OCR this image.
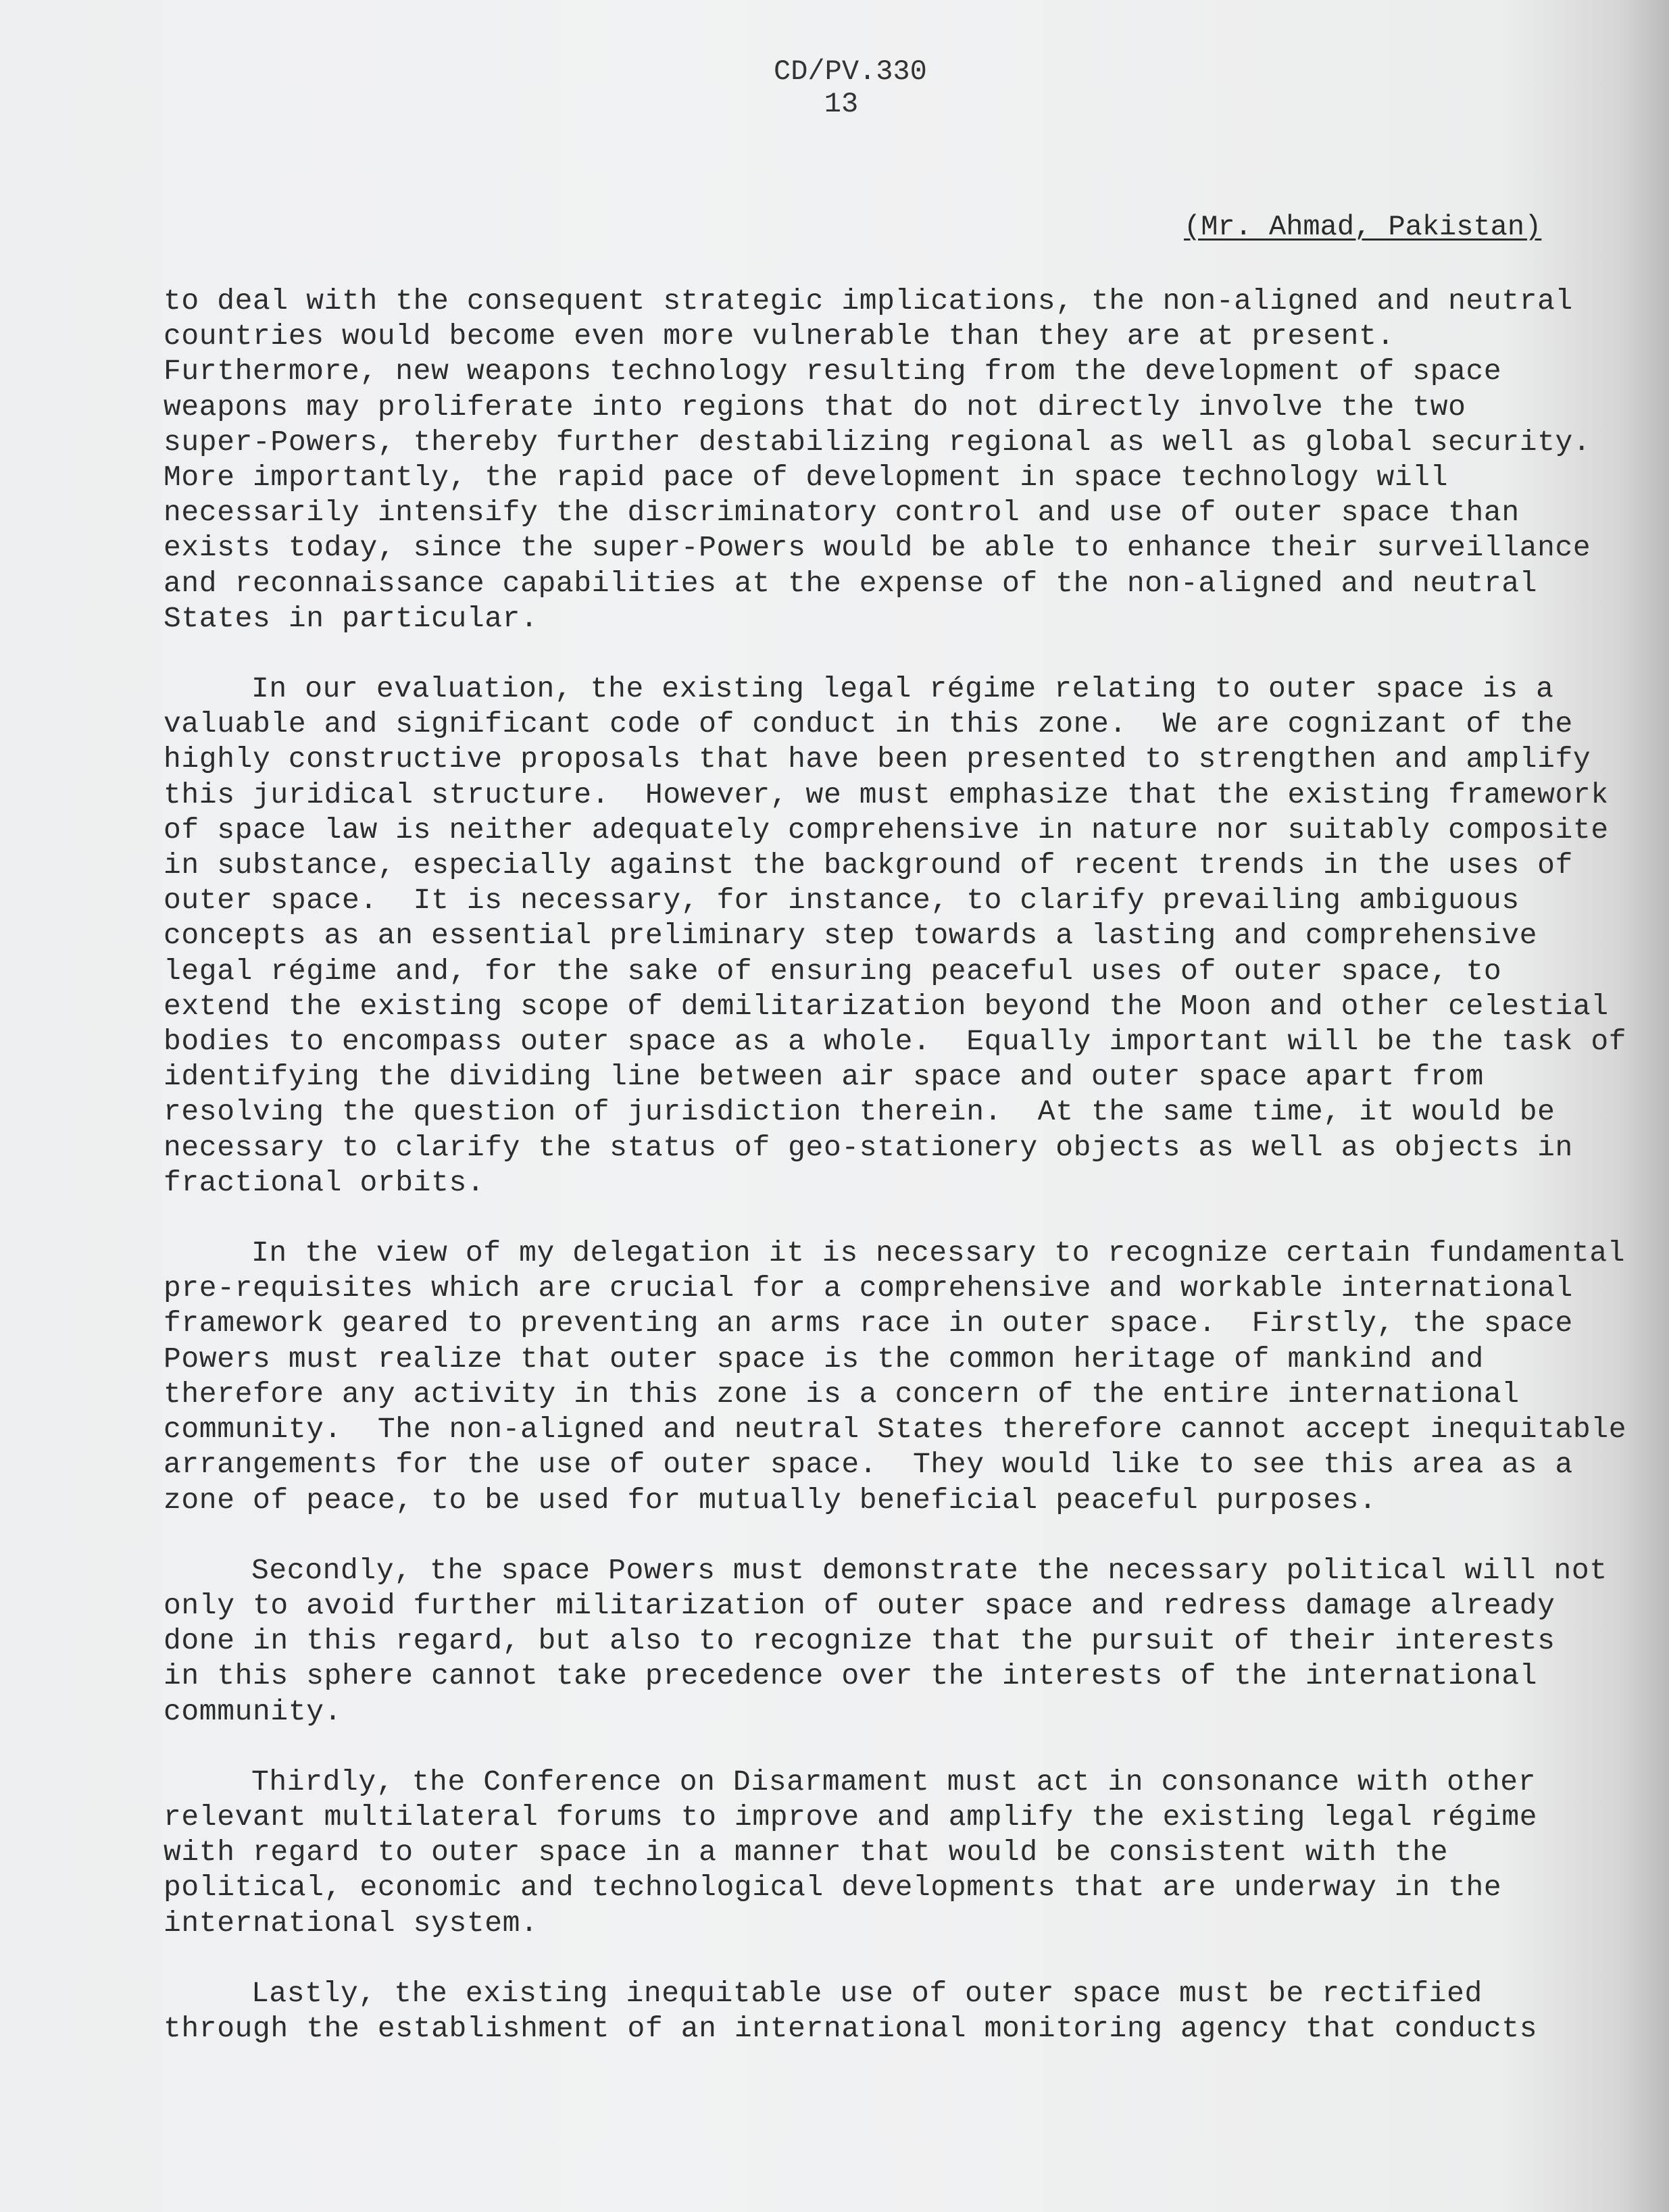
CD/PV.330
13
(Mr. Ahmad, Pakistan)
to deal with the consequent strategic implications, the non-aligned and neutral
countries would become even more vulnerable than they are at present.
Furthermore, new weapons technology resulting from the development of space
weapons may proliferate into regions that do not directly involve the two
super-Powers, thereby further destabilizing regional as well as global security.
More importantly, the rapid pace of development in space technology will
necessarily intensify the discriminatory control and use of outer space than
exists today, since the super-Powers would be able to enhance their surveillance
and reconnaissance capabilities at the expense of the non-aligned and neutral
States in particular.
In our evaluation, the existing legal régime relating to outer space is a
valuable and significant code of conduct in this zone.  We are cognizant of the
highly constructive proposals that have been presented to strengthen and amplify
this juridical structure.  However, we must emphasize that the existing framework
of space law is neither adequately comprehensive in nature nor suitably composite
in substance, especially against the background of recent trends in the uses of
outer space.  It is necessary, for instance, to clarify prevailing ambiguous
concepts as an essential preliminary step towards a lasting and comprehensive
legal régime and, for the sake of ensuring peaceful uses of outer space, to
extend the existing scope of demilitarization beyond the Moon and other celestial
bodies to encompass outer space as a whole.  Equally important will be the task of
identifying the dividing line between air space and outer space apart from
resolving the question of jurisdiction therein.  At the same time, it would be
necessary to clarify the status of geo-stationery objects as well as objects in
fractional orbits.
In the view of my delegation it is necessary to recognize certain fundamental
pre-requisites which are crucial for a comprehensive and workable international
framework geared to preventing an arms race in outer space.  Firstly, the space
Powers must realize that outer space is the common heritage of mankind and
therefore any activity in this zone is a concern of the entire international
community.  The non-aligned and neutral States therefore cannot accept inequitable
arrangements for the use of outer space.  They would like to see this area as a
zone of peace, to be used for mutually beneficial peaceful purposes.
Secondly, the space Powers must demonstrate the necessary political will not
only to avoid further militarization of outer space and redress damage already
done in this regard, but also to recognize that the pursuit of their interests
in this sphere cannot take precedence over the interests of the international
community.
Thirdly, the Conference on Disarmament must act in consonance with other
relevant multilateral forums to improve and amplify the existing legal régime
with regard to outer space in a manner that would be consistent with the
political, economic and technological developments that are underway in the
international system.
Lastly, the existing inequitable use of outer space must be rectified
through the establishment of an international monitoring agency that conducts
